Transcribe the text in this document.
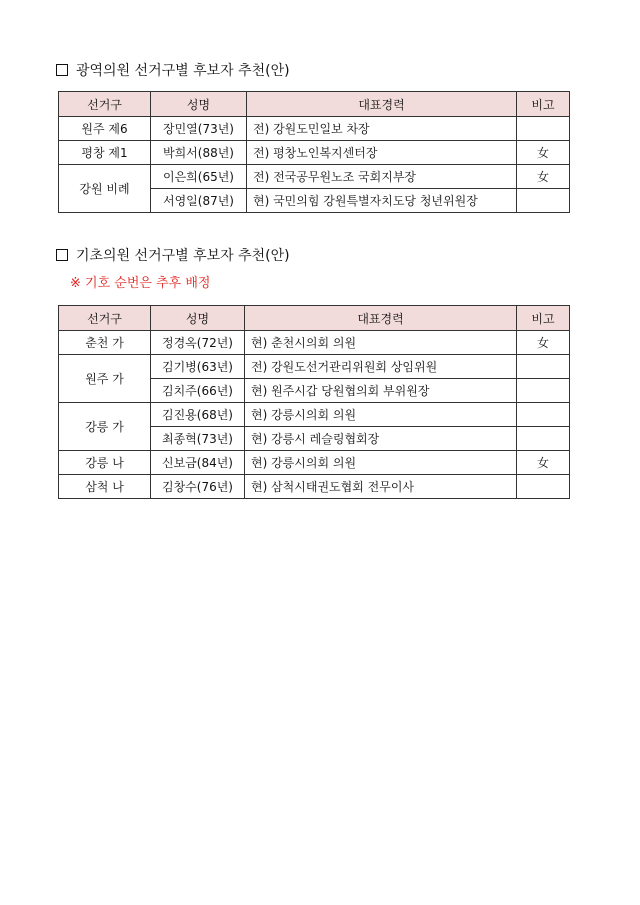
광역의원 선거구별 후보자 추천(안)
선거구	성명	대표경력	비고
원주 제6	장민열(73년)	전) 강원도민일보 차장	
평창 제1	박희서(88년)	전) 평창노인복지센터장	女
강원 비례	이은희(65년)	전) 전국공무원노조 국회지부장	女
	서영일(87년)	현) 국민의힘 강원특별자치도당 청년위원장	
기초의원 선거구별 후보자 추천(안)
※ 기호 순번은 추후 배정
선거구	성명	대표경력	비고
춘천 가	정경옥(72년)	현) 춘천시의회 의원	女
원주 가	김기병(63년)	전) 강원도선거관리위원회 상임위원	
	김치주(66년)	현) 원주시갑 당원협의회 부위원장	
강릉 가	김진용(68년)	현) 강릉시의회 의원	
	최종혁(73년)	현) 강릉시 레슬링협회장	
강릉 나	신보금(84년)	현) 강릉시의회 의원	女
삼척 나	김창수(76년)	현) 삼척시태권도협회 전무이사	
